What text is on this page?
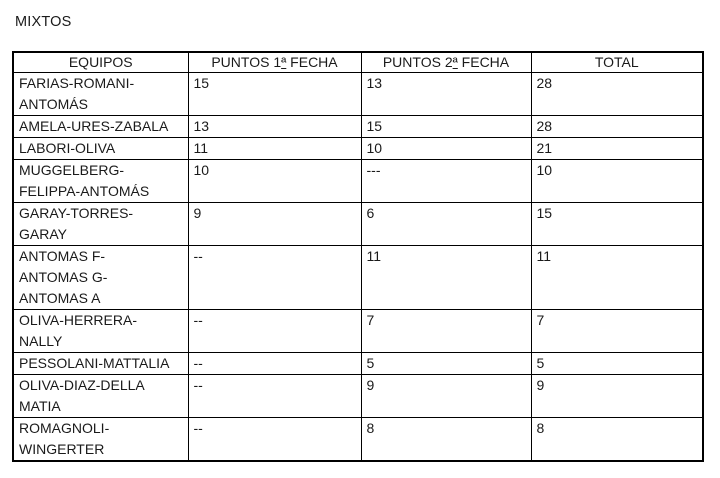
MIXTOS
EQUIPOS	PUNTOS 1ª FECHA	PUNTOS 2ª FECHA	TOTAL

FARIAS-ROMANI-
ANTOMÁS	15	13	28

AMELA-URES-ZABALA	13	15	28

LABORI-OLIVA	11	10	21

MUGGELBERG-
FELIPPA-ANTOMÁS	10	---	10

GARAY-TORRES-
GARAY	9	6	15

ANTOMAS F-
ANTOMAS G-
ANTOMAS A	--	11	11

OLIVA-HERRERA-
NALLY	--	7	7

PESSOLANI-MATTALIA	--	5	5

OLIVA-DIAZ-DELLA
MATIA	--	9	9

ROMAGNOLI-
WINGERTER	--	8	8
